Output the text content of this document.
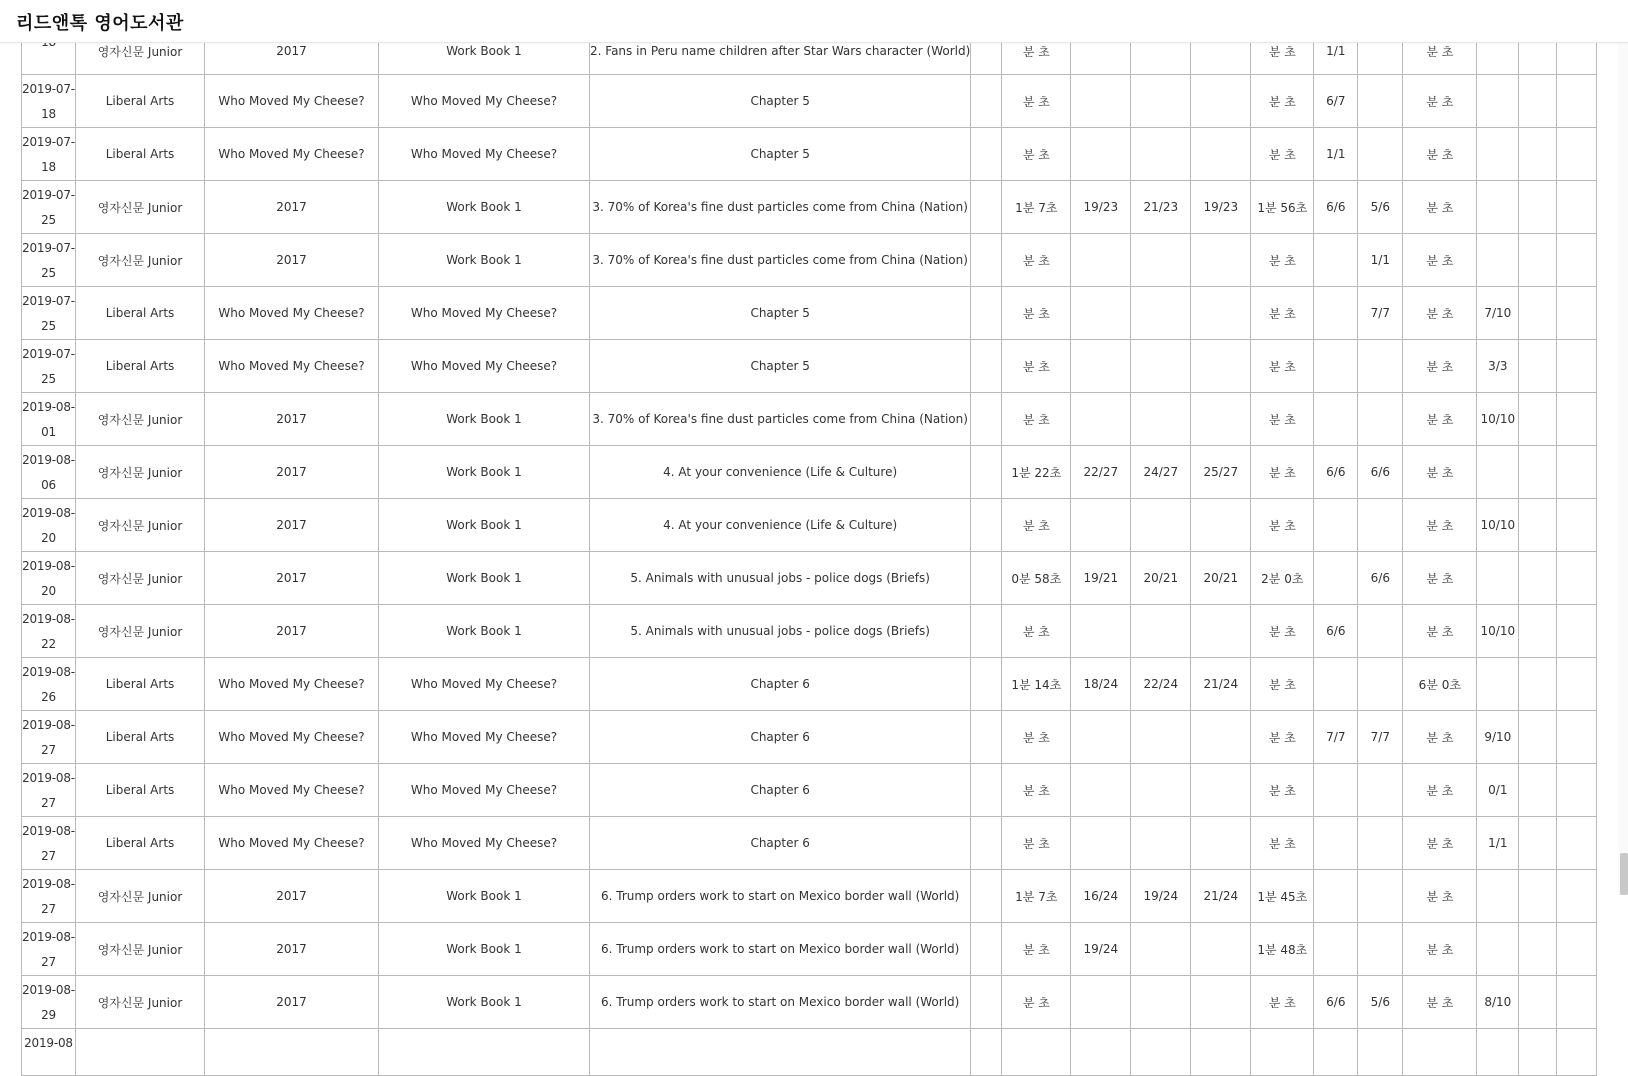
	영자신문 Junior	2017	Work Book 1	2. Fans in Peru name children after Star Wars character (World)		분 초				분 초	1/1		분 초			
2019-07-18	Liberal Arts	Who Moved My Cheese?	Who Moved My Cheese?	Chapter 5		분 초				분 초	6/7		분 초			
2019-07-18	Liberal Arts	Who Moved My Cheese?	Who Moved My Cheese?	Chapter 5		분 초				분 초	1/1		분 초			
2019-07-25	영자신문 Junior	2017	Work Book 1	3. 70% of Korea's fine dust particles come from China (Nation)		1분 7초	19/23	21/23	19/23	1분 56초	6/6	5/6	분 초			
2019-07-25	영자신문 Junior	2017	Work Book 1	3. 70% of Korea's fine dust particles come from China (Nation)		분 초				분 초		1/1	분 초			
2019-07-25	Liberal Arts	Who Moved My Cheese?	Who Moved My Cheese?	Chapter 5		분 초				분 초		7/7	분 초	7/10		
2019-07-25	Liberal Arts	Who Moved My Cheese?	Who Moved My Cheese?	Chapter 5		분 초				분 초			분 초	3/3		
2019-08-01	영자신문 Junior	2017	Work Book 1	3. 70% of Korea's fine dust particles come from China (Nation)		분 초				분 초			분 초	10/10		
2019-08-06	영자신문 Junior	2017	Work Book 1	4. At your convenience (Life & Culture)		1분 22초	22/27	24/27	25/27	분 초	6/6	6/6	분 초			
2019-08-20	영자신문 Junior	2017	Work Book 1	4. At your convenience (Life & Culture)		분 초				분 초			분 초	10/10		
2019-08-20	영자신문 Junior	2017	Work Book 1	5. Animals with unusual jobs - police dogs (Briefs)		0분 58초	19/21	20/21	20/21	2분 0초		6/6	분 초			
2019-08-22	영자신문 Junior	2017	Work Book 1	5. Animals with unusual jobs - police dogs (Briefs)		분 초				분 초	6/6		분 초	10/10		
2019-08-26	Liberal Arts	Who Moved My Cheese?	Who Moved My Cheese?	Chapter 6		1분 14초	18/24	22/24	21/24	분 초			6분 0초			
2019-08-27	Liberal Arts	Who Moved My Cheese?	Who Moved My Cheese?	Chapter 6		분 초				분 초	7/7	7/7	분 초	9/10		
2019-08-27	Liberal Arts	Who Moved My Cheese?	Who Moved My Cheese?	Chapter 6		분 초				분 초			분 초	0/1		
2019-08-27	Liberal Arts	Who Moved My Cheese?	Who Moved My Cheese?	Chapter 6		분 초				분 초			분 초	1/1		
2019-08-27	영자신문 Junior	2017	Work Book 1	6. Trump orders work to start on Mexico border wall (World)		1분 7초	16/24	19/24	21/24	1분 45초			분 초			
2019-08-27	영자신문 Junior	2017	Work Book 1	6. Trump orders work to start on Mexico border wall (World)		분 초	19/24			1분 48초			분 초			
2019-08-29	영자신문 Junior	2017	Work Book 1	6. Trump orders work to start on Mexico border wall (World)		분 초				분 초	6/6	5/6	분 초	8/10		
2019-08																
리드앤톡 영어도서관
